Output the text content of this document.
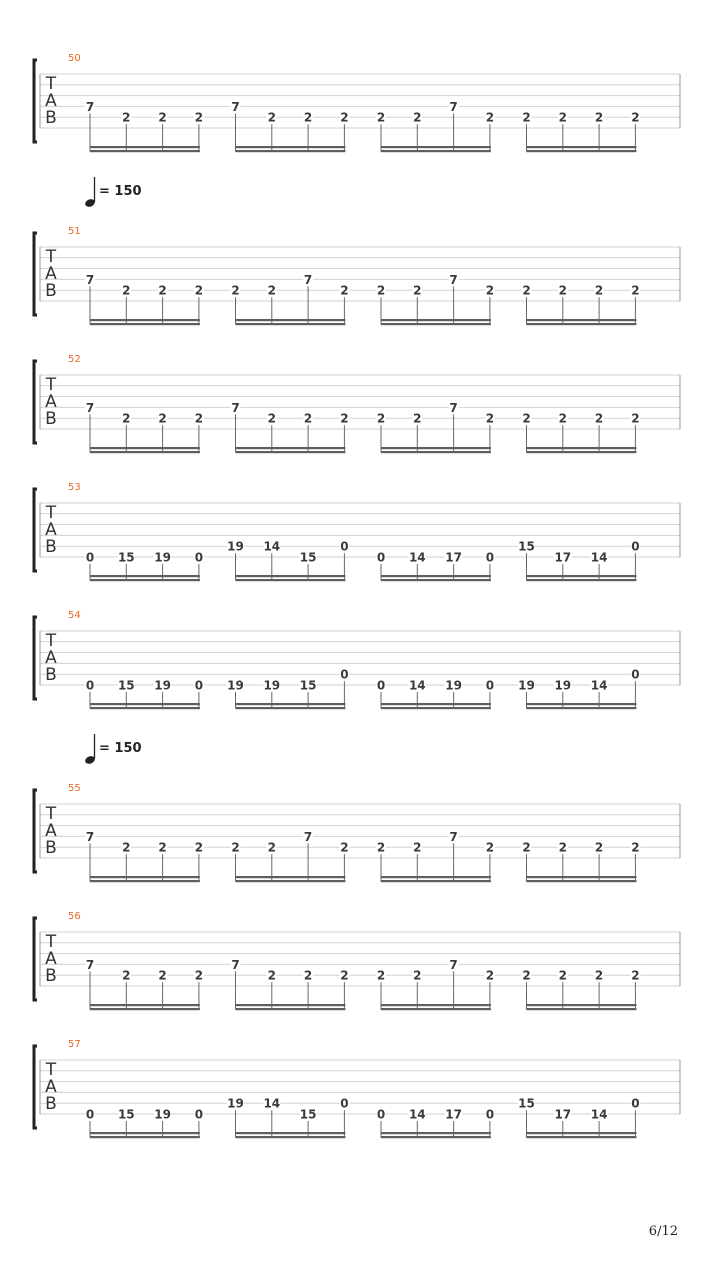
T
A
B
50
7
2 2 2
7
2 2 2 2 2
7
2 2 2 2 2
T
A
B
51
= 150
7
2 2 2 2 2
7
2 2 2
7
2 2 2 2 2
T
A
B
52
7
2 2 2
7
2 2 2 2 2
7
2 2 2 2 2
T
A
B
53
0 15 19 0
19 14
15
0
0 14 17 0
15
17 14
0
T
A
B
54
0 15 19 0 19 19 15
0
0 14 19 0 19 19 14
0
T
A
B
55
= 150
7
2 2 2 2 2
7
2 2 2
7
2 2 2 2 2
T
A
B
56
7
2 2 2
7
2 2 2 2 2
7
2 2 2 2 2
T
A
B
57
0 15 19 0
19 14
15
0
0 14 17 0
15
17 14
0
6/12
